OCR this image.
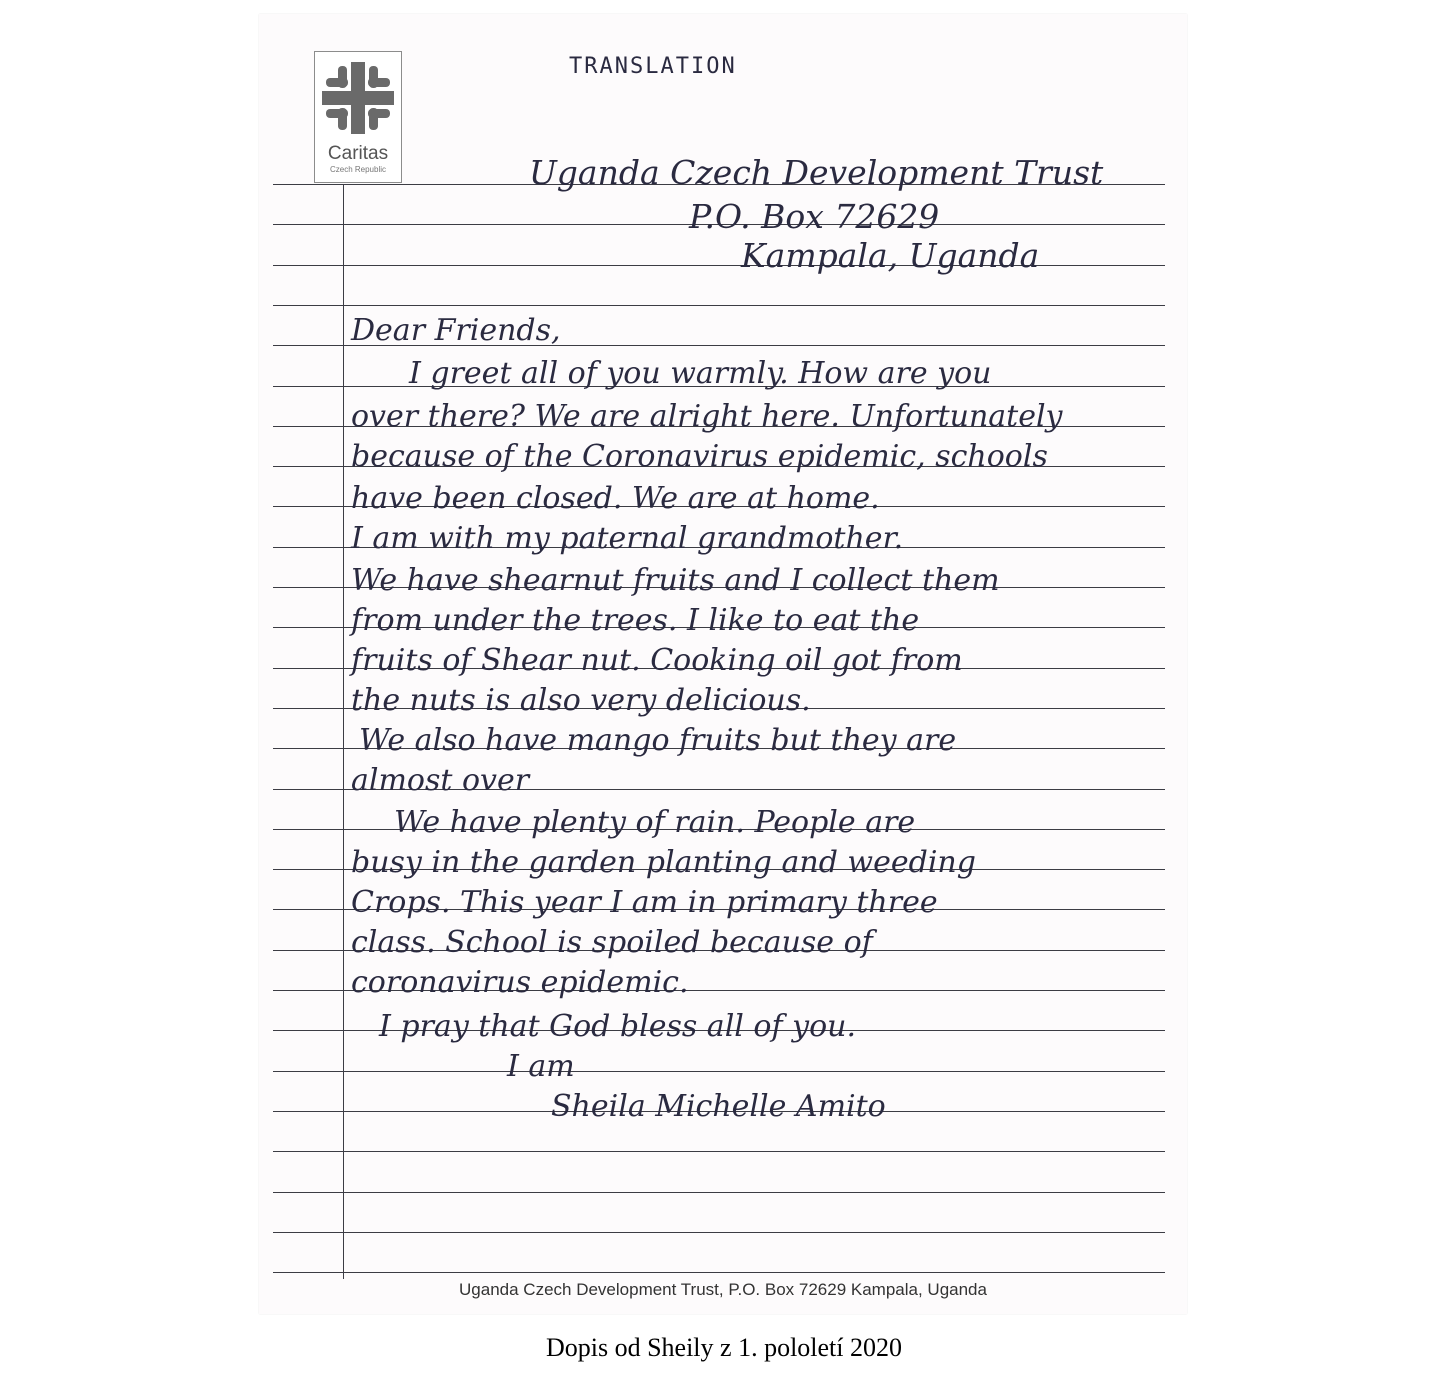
Caritas
Czech Republic
TRANSLATION
Uganda Czech Development Trust
P.O. Box 72629
Kampala, Uganda
Dear Friends,
I greet all of you warmly. How are you
over there? We are alright here. Unfortunately
because of the Coronavirus epidemic, schools
have been closed. We are at home.
I am with my paternal grandmother.
We have shearnut fruits and I collect them
from under the trees. I like to eat the
fruits of Shear nut. Cooking oil got from
the nuts is also very delicious.
We also have mango fruits but they are
almost over
We have plenty of rain. People are
busy in the garden planting and weeding
Crops. This year I am in primary three
class. School is spoiled because of
coronavirus epidemic.
I pray that God bless all of you.
I am
Sheila Michelle Amito
Uganda Czech Development Trust, P.O. Box 72629 Kampala, Uganda
Dopis od Sheily z 1. pololetí 2020
